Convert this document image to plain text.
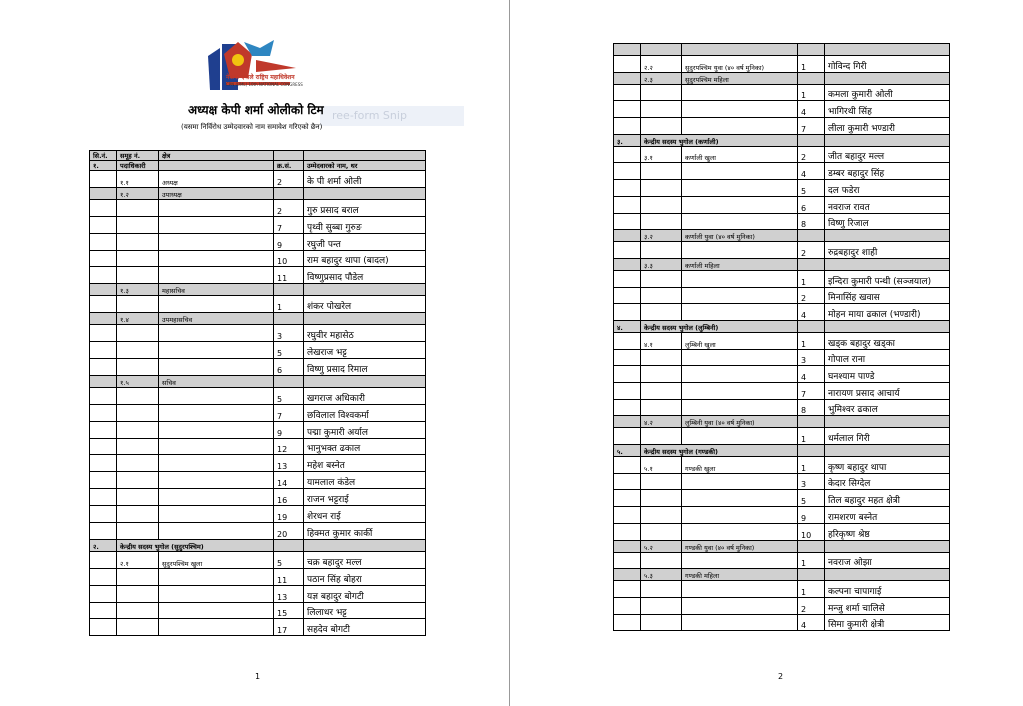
नेकपा एमाले राष्ट्रिय महाधिवेशन
CPN (UML) 10th NATIONAL CONGRESS
ree-form Snip
अध्यक्ष केपी शर्मा ओलीको टिम
(यसमा निर्विरोध उम्मेदवारको नाम समावेश गरिएको छैन)
सि.नं.	समूह नं.	क्षेत्र		
१.	पदाधिकारी		क्र.सं.	उम्मेदवारको नाम, थर
	१.१	अध्यक्ष	2	के पी शर्मा ओली
	१.२	उपाध्यक्ष		
			2	गुरु प्रसाद बराल
			7	पृथ्वी सुब्बा गुरुङ
			9	रघुजी पन्त
			10	राम बहादुर थापा (बादल)
			11	विष्णुप्रसाद पौडेल
	१.३	महासचिव		
			1	शंकर पोखरेल
	१.४	उपमहासचिव		
			3	रघुवीर महासेठ
			5	लेखराज भट्ट
			6	विष्णु प्रसाद रिमाल
	१.५	सचिव		
			5	खगराज अधिकारी
			7	छविलाल विश्वकर्मा
			9	पद्मा कुमारी अर्याल
			12	भानुभक्त ढकाल
			13	महेश बस्नेत
			14	यामलाल कंडेल
			16	राजन भट्टराई
			19	शेरधन राई
			20	हिक्मत कुमार कार्की
२.	केन्द्रीय सदस्य भुगोल (सुदुरपश्चिम)			
	२.१	सुदुरपश्चिम खुला	5	चक्र बहादुर मल्ल
			11	पठान सिंह बोहरा
			13	यज्ञ बहादुर बोगटी
			15	लिलाधर भट्ट
			17	सहदेव बोगटी
1

	२.२	सुदुरपश्चिम युवा (४० वर्ष मुनिका)	1	गोविन्द गिरी
	२.३	सुदुरपश्चिम महिला		
			1	कमला कुमारी ओली
			4	भागिरथी सिंह
			7	लीला कुमारी भण्डारी
३.	केन्द्रीय सदस्य भुगोल (कर्णाली)			
	३.१	कर्णाली खुला	2	जीत बहादुर मल्ल
			4	डम्बर बहादुर सिंह
			5	दल फडेरा
			6	नवराज रावत
			8	विष्णु रिजाल
	३.२	कर्णाली युवा (४० वर्ष मुनिका)		
			2	रुद्रबहादुर शाही
	३.३	कर्णाली महिला		
			1	इन्दिरा कुमारी पन्थी (सञ्जयाल)
			2	मिनासिंह खवास
			4	मोहन माया ढकाल (भण्डारी)
४.	केन्द्रीय सदस्य भुगोल (लुम्बिनी)			
	४.१	लुम्बिनी खुला	1	खड्क बहादुर खड्का
			3	गोपाल राना
			4	घनश्याम पाण्डे
			7	नारायण प्रसाद आचार्य
			8	भुमिश्वर ढकाल
	४.२	लुम्बिनी युवा (४० वर्ष मुनिका)		
			1	धर्मलाल गिरी
५.	केन्द्रीय सदस्य भुगोल (गण्डकी)			
	५.१	गण्डकी खुला	1	कृष्ण बहादुर थापा
			3	केदार सिग्देल
			5	तिल बहादुर महत क्षेत्री
			9	रामशरण बस्नेत
			10	हरिकृष्ण श्रेष्ठ
	५.२	गण्डकी युवा (४० वर्ष मुनिका)		
			1	नवराज ओझा
	५.३	गण्डकी महिला		
			1	कल्पना चापागाई
			2	मन्जु शर्मा चालिसे
			4	सिमा कुमारी क्षेत्री
2
